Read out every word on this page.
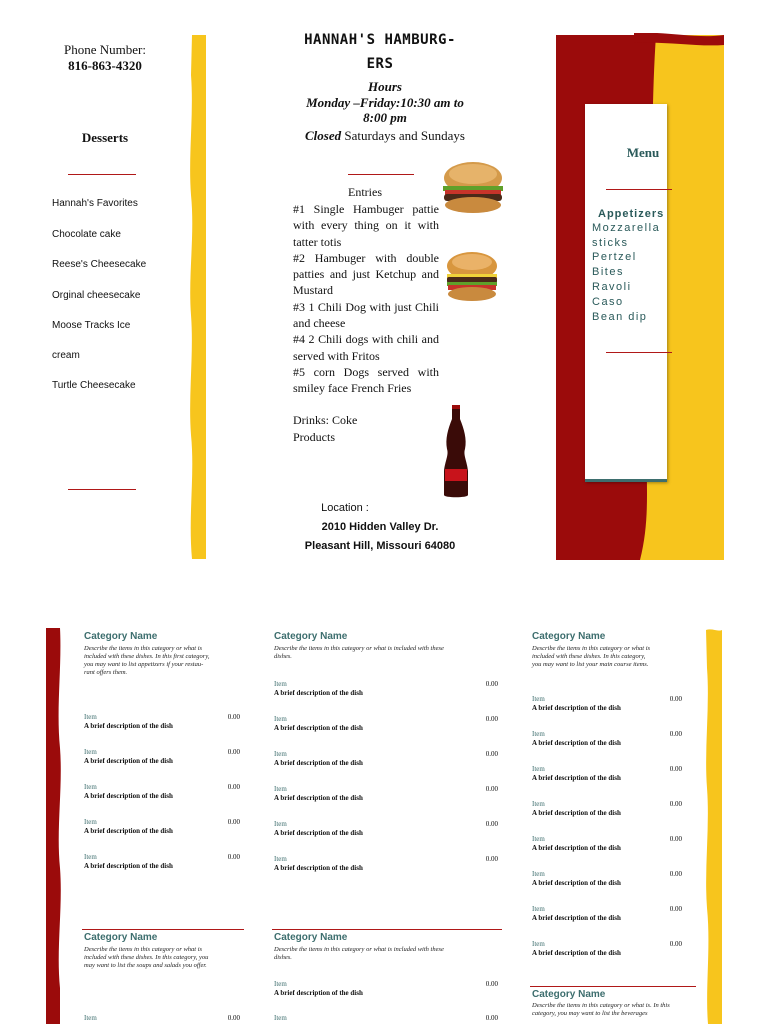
Phone Number:
816-863-4320
Desserts
Hannah's Favorites
Chocolate cake
Reese's Cheesecake
Orginal cheesecake
Moose Tracks Ice
cream
Turtle Cheesecake
HANNAH'S HAMBURG-
ERS
Hours
Monday –Friday:10:30 am to
8:00 pm
Closed Saturdays and Sundays
Entries
#1 Single Hambuger pattie with every thing on it with tatter totis
#2 Hambuger with double patties and just Ketchup and Mustard
#3 1 Chili Dog with just Chili and cheese
#4 2 Chili dogs with chili and served with Fritos
#5 corn Dogs served with smiley face French Fries
Drinks: Coke
Products
Location :
2010 Hidden Valley Dr.
Pleasant Hill, Missouri 64080
Menu
Appetizers
Mozzarella
sticks
Pertzel
Bites
Ravoli
Caso
Bean dip
Category Name
Describe the items in this category or what is
included with these dishes. In this first category,
you may want to list appetizers if your restau-
rant offers them.
Item	0.00
A brief description of the dish
Item	0.00
A brief description of the dish
Item	0.00
A brief description of the dish
Item	0.00
A brief description of the dish
Item	0.00
A brief description of the dish
Category Name
Describe the items in this category or what is
included with these dishes. In this category, you
may want to list the soups and salads you offer.
Item	0.00
Category Name
Describe the items in this category or what is included with these
dishes.
Item	0.00
A brief description of the dish
Item	0.00
A brief description of the dish
Item	0.00
A brief description of the dish
Item	0.00
A brief description of the dish
Item	0.00
A brief description of the dish
Item	0.00
A brief description of the dish
Category Name
Describe the items in this category or what is included with these
dishes.
Item	0.00
A brief description of the dish
Item	0.00
Category Name
Describe the items in this category or what is
included with these dishes. In this category,
you may want to list your main course items.
Item	0.00
A brief description of the dish
Item	0.00
A brief description of the dish
Item	0.00
A brief description of the dish
Item	0.00
A brief description of the dish
Item	0.00
A brief description of the dish
Item	0.00
A brief description of the dish
Item	0.00
A brief description of the dish
Item	0.00
A brief description of the dish
Category Name
Describe the items in this category or what is. In this
category, you may want to list the beverages
